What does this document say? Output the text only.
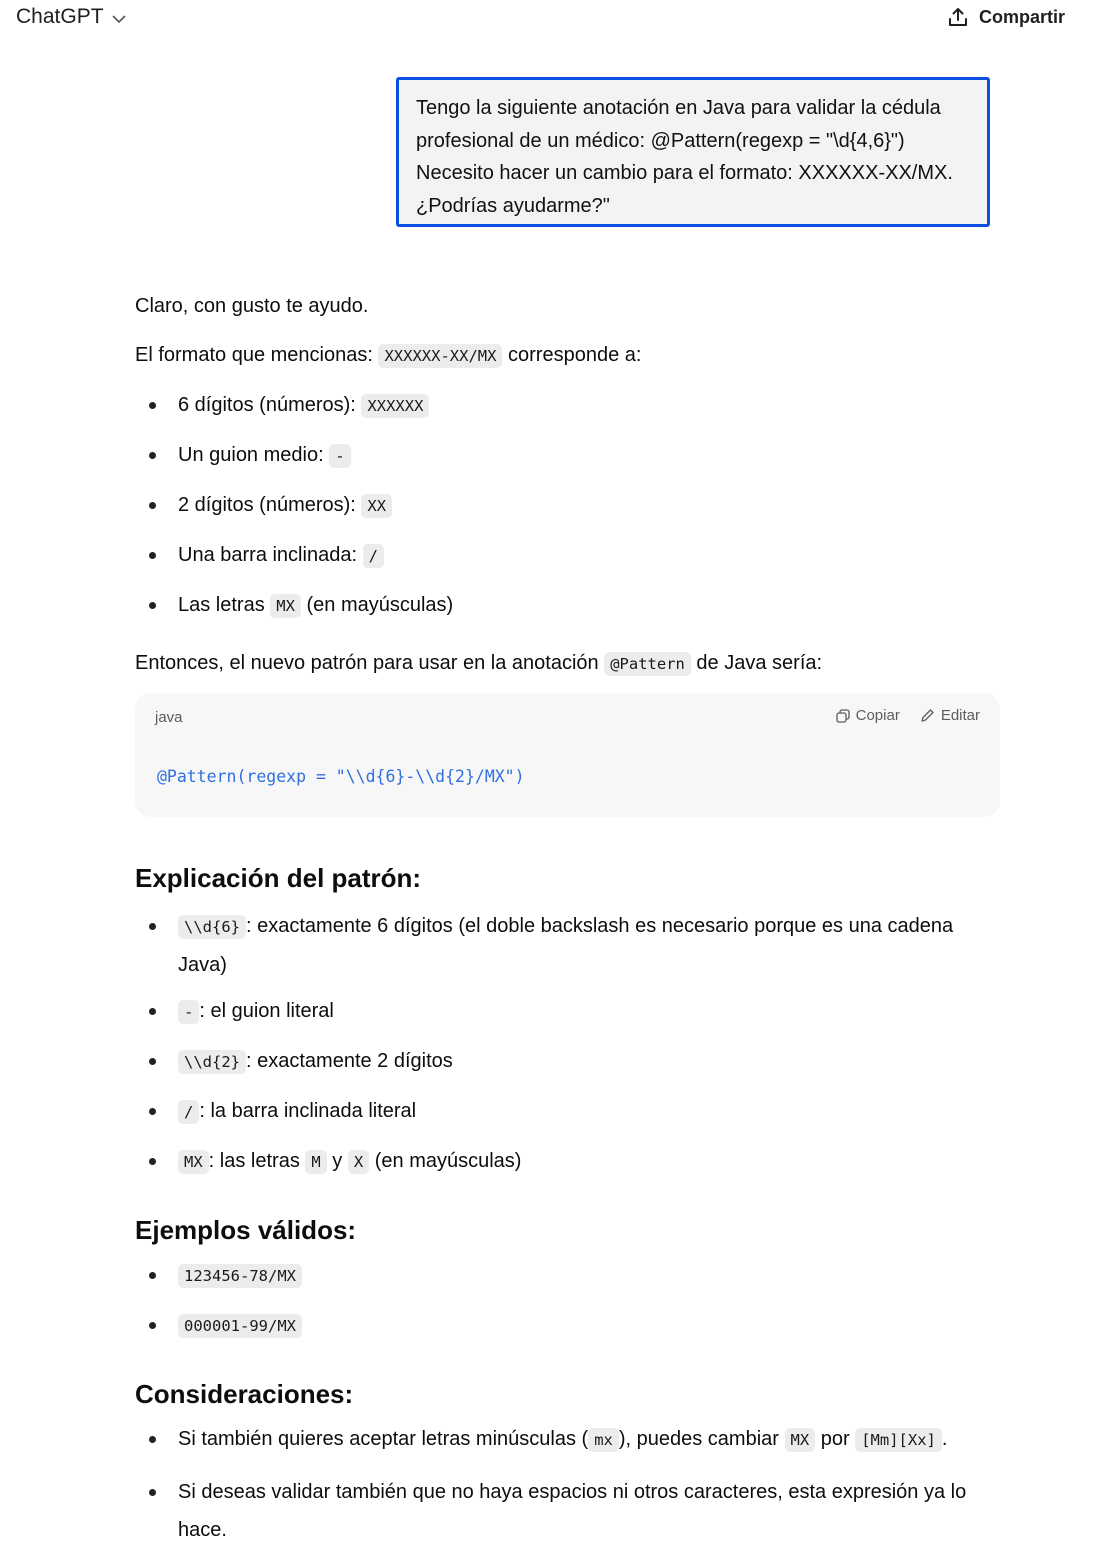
ChatGPT	Compartir
Tengo la siguiente anotación en Java para validar la cédula profesional de un médico: @Pattern(regexp = "\d{4,6}") Necesito hacer un cambio para el formato: XXXXXX-XX/MX. ¿Podrías ayudarme?"
Claro, con gusto te ayudo.
El formato que mencionas: XXXXXX-XX/MX corresponde a:
6 dígitos (números): XXXXXX
Un guion medio: -
2 dígitos (números): XX
Una barra inclinada: /
Las letras MX (en mayúsculas)
Entonces, el nuevo patrón para usar en la anotación @Pattern de Java sería:
java	Copiar	Editar
@Pattern(regexp = "\\d{6}-\\d{2}/MX")
Explicación del patrón:
\\d{6} : exactamente 6 dígitos (el doble backslash es necesario porque es una cadena Java)
- : el guion literal
\\d{2} : exactamente 2 dígitos
/ : la barra inclinada literal
MX : las letras M y X (en mayúsculas)
Ejemplos válidos:
123456-78/MX
000001-99/MX
Consideraciones:
Si también quieres aceptar letras minúsculas ( mx ), puedes cambiar MX por [Mm][Xx] .
Si deseas validar también que no haya espacios ni otros caracteres, esta expresión ya lo hace.
